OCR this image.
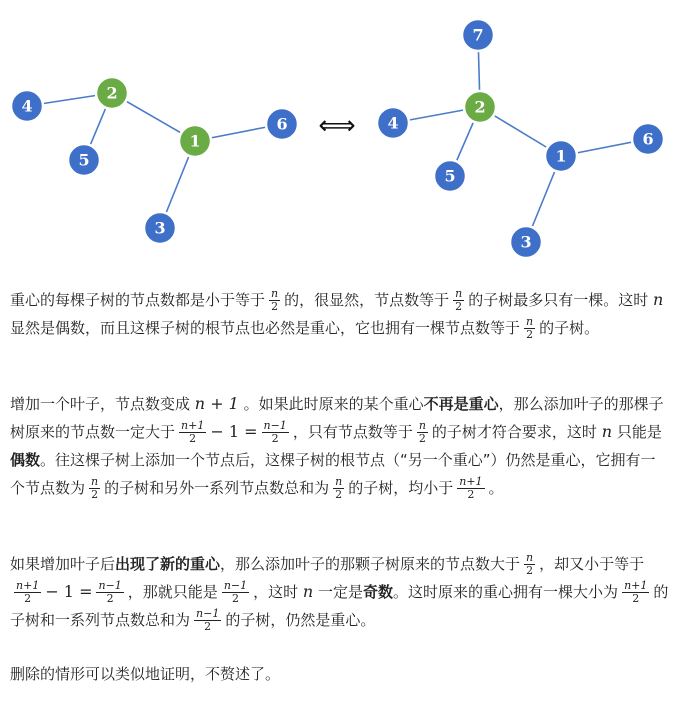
4
2
5
1
6
3
⟺
7
4
2
5
1
6
3

重心的每棵子树的节点数都是小于等于 $\frac{n}{2}$ 的，很显然，节点数等于 $\frac{n}{2}$ 的子树最多只有一棵。这时 n 显然是偶数，而且这棵子树的根节点也必然是重心，它也拥有一棵节点数等于 $\frac{n}{2}$ 的子树。

增加一个叶子，节点数变成 n + 1 。如果此时原来的某个重心不再是重心，那么添加叶子的那棵子树原来的节点数一定大于 $\frac{n+1}{2} - 1 = \frac{n-1}{2}$ ，只有节点数等于 $\frac{n}{2}$ 的子树才符合要求，这时 n 只能是偶数。往这棵子树上添加一个节点后，这棵子树的根节点（“另一个重心”）仍然是重心，它拥有一个节点数为 $\frac{n}{2}$ 的子树和另外一系列节点数总和为 $\frac{n}{2}$ 的子树，均小于 $\frac{n+1}{2}$ 。

如果增加叶子后出现了新的重心，那么添加叶子的那颗子树原来的节点数大于 $\frac{n}{2}$ ，却又小于等于
$\frac{n+1}{2} - 1 = \frac{n-1}{2}$ ，那就只能是 $\frac{n-1}{2}$ ，这时 n 一定是奇数。这时原来的重心拥有一棵大小为 $\frac{n+1}{2}$ 的子树和一系列节点数总和为 $\frac{n-1}{2}$ 的子树，仍然是重心。

删除的情形可以类似地证明，不赘述了。
